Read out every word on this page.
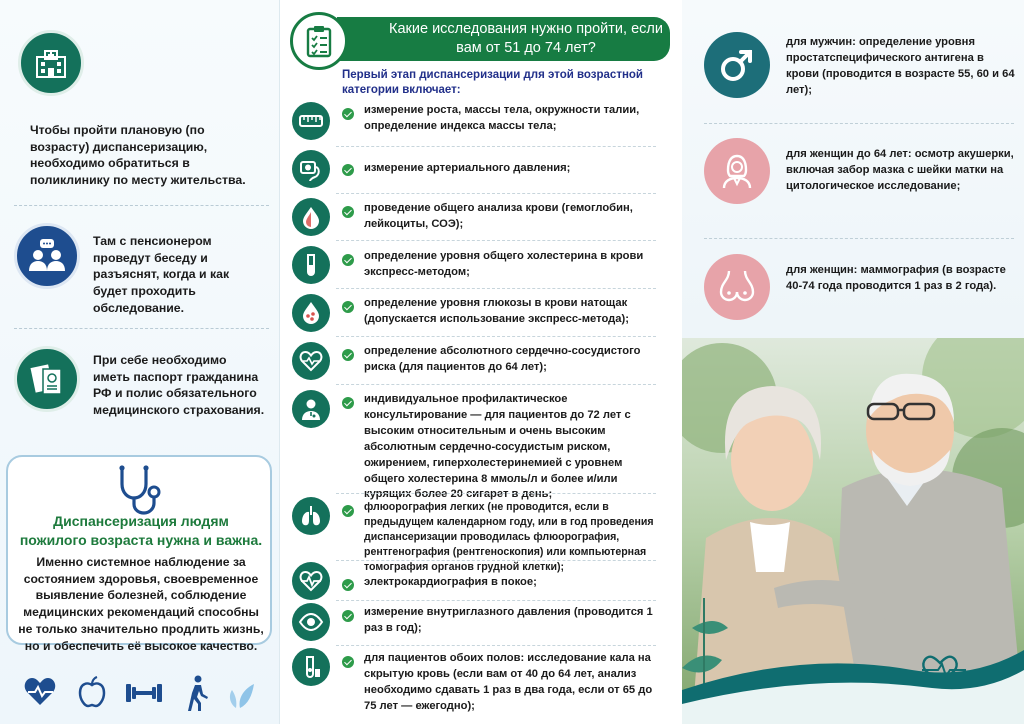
Чтобы пройти плановую (по возрасту) диспансеризацию, необходимо обратиться в поликлинику по месту жительства.
Там с пенсионером проведут беседу и разъяснят, когда и как будет проходить обследование.
При себе необходимо иметь паспорт гражданина РФ и полис обязательного медицинского страхования.
Диспансеризация людям
пожилого возраста нужна и важна.
Именно системное наблюдение за состоянием здоровья, своевременное выявление болезней, соблюдение медицинских рекомендаций способны не только значительно продлить жизнь, но и обеспечить её высокое качество.
Какие исследования нужно пройти, если вам от 51 до 74 лет?
Первый этап диспансеризации для этой возрастной категории включает:
измерение роста, массы тела, окружности талии, определение индекса массы тела;
измерение артериального давления;
проведение общего анализа крови (гемоглобин, лейкоциты, СОЭ);
определение уровня общего холестерина в крови экспресс-методом;
определение уровня глюкозы в крови натощак (допускается использование экспресс-метода);
определение абсолютного сердечно-сосудистого риска (для пациентов до 64 лет);
индивидуальное профилактическое консультирование — для пациентов до 72 лет с высоким относительным и очень высоким абсолютным сердечно-сосудистым риском, ожирением, гиперхолестеринемией с уровнем общего холестерина 8 ммоль/л и более и/или курящих более 20 сигарет в день;
флюорография легких (не проводится, если в предыдущем календарном году, или в год проведения диспансеризации проводилась флюорография, рентгенография (рентгеноскопия) или компьютерная томография органов грудной клетки);
электрокардиография в покое;
измерение внутриглазного давления (проводится 1 раз в год);
для пациентов обоих полов: исследование кала на скрытую кровь (если вам от 40 до 64 лет, анализ необходимо сдавать 1 раз в два года, если от 65 до 75 лет — ежегодно);
для мужчин: определение уровня простатспецифического антигена в крови (проводится в возрасте 55, 60 и 64 лет);
для женщин до 64 лет: осмотр акушерки, включая забор мазка с шейки матки на цитологическое исследование;
для женщин: маммография (в возрасте 40-74 года проводится 1 раз в 2 года).
